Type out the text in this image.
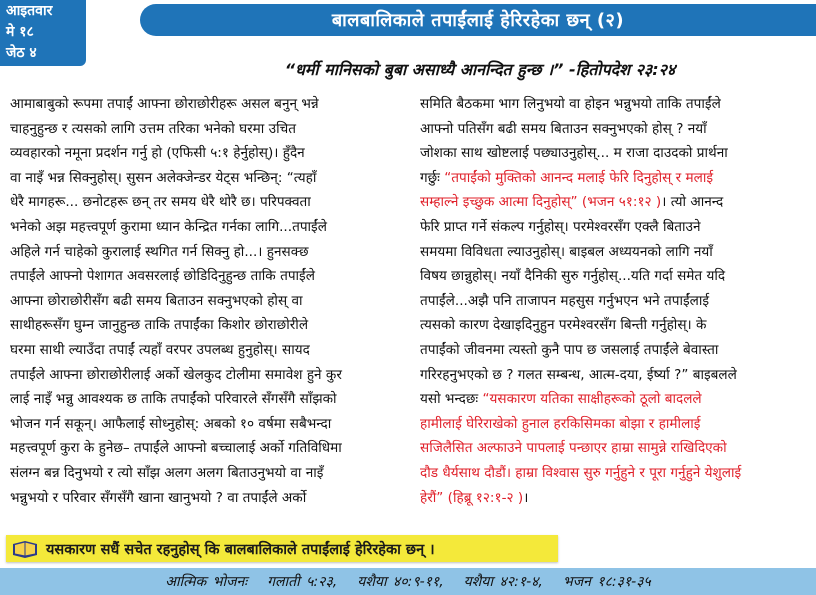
आइतवार
मे १८
जेठ ४
बालबालिकाले तपाईंलाई हेरिरहेका छन् (२)
“धर्मी मानिसको बुबा असाध्यै आनन्दित हुन्छ ।” -हितोपदेश २३:२४
आमाबाबुको रूपमा तपाईं आफ्ना छोराछोरीहरू असल बनुन् भन्ने
चाहनुहुन्छ र त्यसको लागि उत्तम तरिका भनेको घरमा उचित
व्यवहारको नमूना प्रदर्शन गर्नु हो (एफिसी ५:१ हेर्नुहोस्)। हुँदैन
वा नाइँ भन्न सिक्नुहोस्। सुसन अलेक्जेन्डर येट्स भन्छिन्: “त्यहाँ
धेरै मागहरू... छनोटहरू छन् तर समय धेरै थोरै छ। परिपक्वता
भनेको अझ महत्त्वपूर्ण कुरामा ध्यान केन्द्रित गर्नका लागि...तपाईंले
अहिले गर्न चाहेको कुरालाई स्थगित गर्न सिक्नु हो...। हुनसक्छ
तपाईंले आफ्नो पेशागत अवसरलाई छोडिदिनुहुन्छ ताकि तपाईंले
आफ्ना छोराछोरीसँग बढी समय बिताउन सक्नुभएको होस् वा
साथीहरूसँग घुम्न जानुहुन्छ ताकि तपाईंका किशोर छोराछोरीले
घरमा साथी ल्याउँदा तपाईं त्यहाँ वरपर उपलब्ध हुनुहोस्। सायद
तपाईंले आफ्ना छोराछोरीलाई अर्को खेलकुद टोलीमा समावेश हुने कुर
लाई नाइँ भन्नु आवश्यक छ ताकि तपाईंको परिवारले सँगसँगै साँझको
भोजन गर्न सकून्। आफैलाई सोध्नुहोस्: अबको १० वर्षमा सबैभन्दा
महत्त्वपूर्ण कुरा के हुनेछ– तपाईंले आफ्नो बच्चालाई अर्को गतिविधिमा
संलग्न बन्न दिनुभयो र त्यो साँझ अलग अलग बिताउनुभयो वा नाइँ
भन्नुभयो र परिवार सँगसँगै खाना खानुभयो ? वा तपाईंले अर्को
समिति बैठकमा भाग लिनुभयो वा होइन भन्नुभयो ताकि तपाईंले
आफ्नो पतिसँग बढी समय बिताउन सक्नुभएको होस् ? नयाँ
जोशका साथ खोष्टलाई पछ्याउनुहोस्... म राजा दाउदको प्रार्थना
गर्छुः “तपाईंको मुक्तिको आनन्द मलाई फेरि दिनुहोस् र मलाई
सम्हाल्ने इच्छुक आत्मा दिनुहोस्” (भजन ५१:१२ )। त्यो आनन्द
फेरि प्राप्त गर्ने संकल्प गर्नुहोस्। परमेश्वरसँग एक्लै बिताउने
समयमा विविधता ल्याउनुहोस्। बाइबल अध्ययनको लागि नयाँ
विषय छान्नुहोस्। नयाँ दैनिकी सुरु गर्नुहोस्...यति गर्दा समेत यदि
तपाईंले...अझै पनि ताजापन महसुस गर्नुभएन भने तपाईंलाई
त्यसको कारण देखाइदिनुहुन परमेश्वरसँग बिन्ती गर्नुहोस्। के
तपाईंको जीवनमा त्यस्तो कुनै पाप छ जसलाई तपाईंले बेवास्ता
गरिरहनुभएको छ ? गलत सम्बन्ध, आत्म-दया, ईर्ष्या ?” बाइबलले
यसो भन्दछः “यसकारण यतिका साक्षीहरूको ठूलो बादलले
हामीलाई घेरिराखेको हुनाल हरकिसिमका बोझा र हामीलाई
सजिलैसित अल्फाउने पापलाई पन्छाएर हाम्रा सामुन्ने राखिदिएको
दौड धैर्यसाथ दौडौं। हाम्रा विश्वास सुरु गर्नुहुने र पूरा गर्नुहुने येशुलाई
हेरौं” (हिब्रू १२:१-२ )।
यसकारण सधैं सचेत रहनुहोस् कि बालबालिकाले तपाईंलाई हेरिरहेका छन् ।
आत्मिक भोजनः गलाती ५:२३, यशैया ४०:९-११, यशैया ४२:१-४, भजन १८:३१-३५
